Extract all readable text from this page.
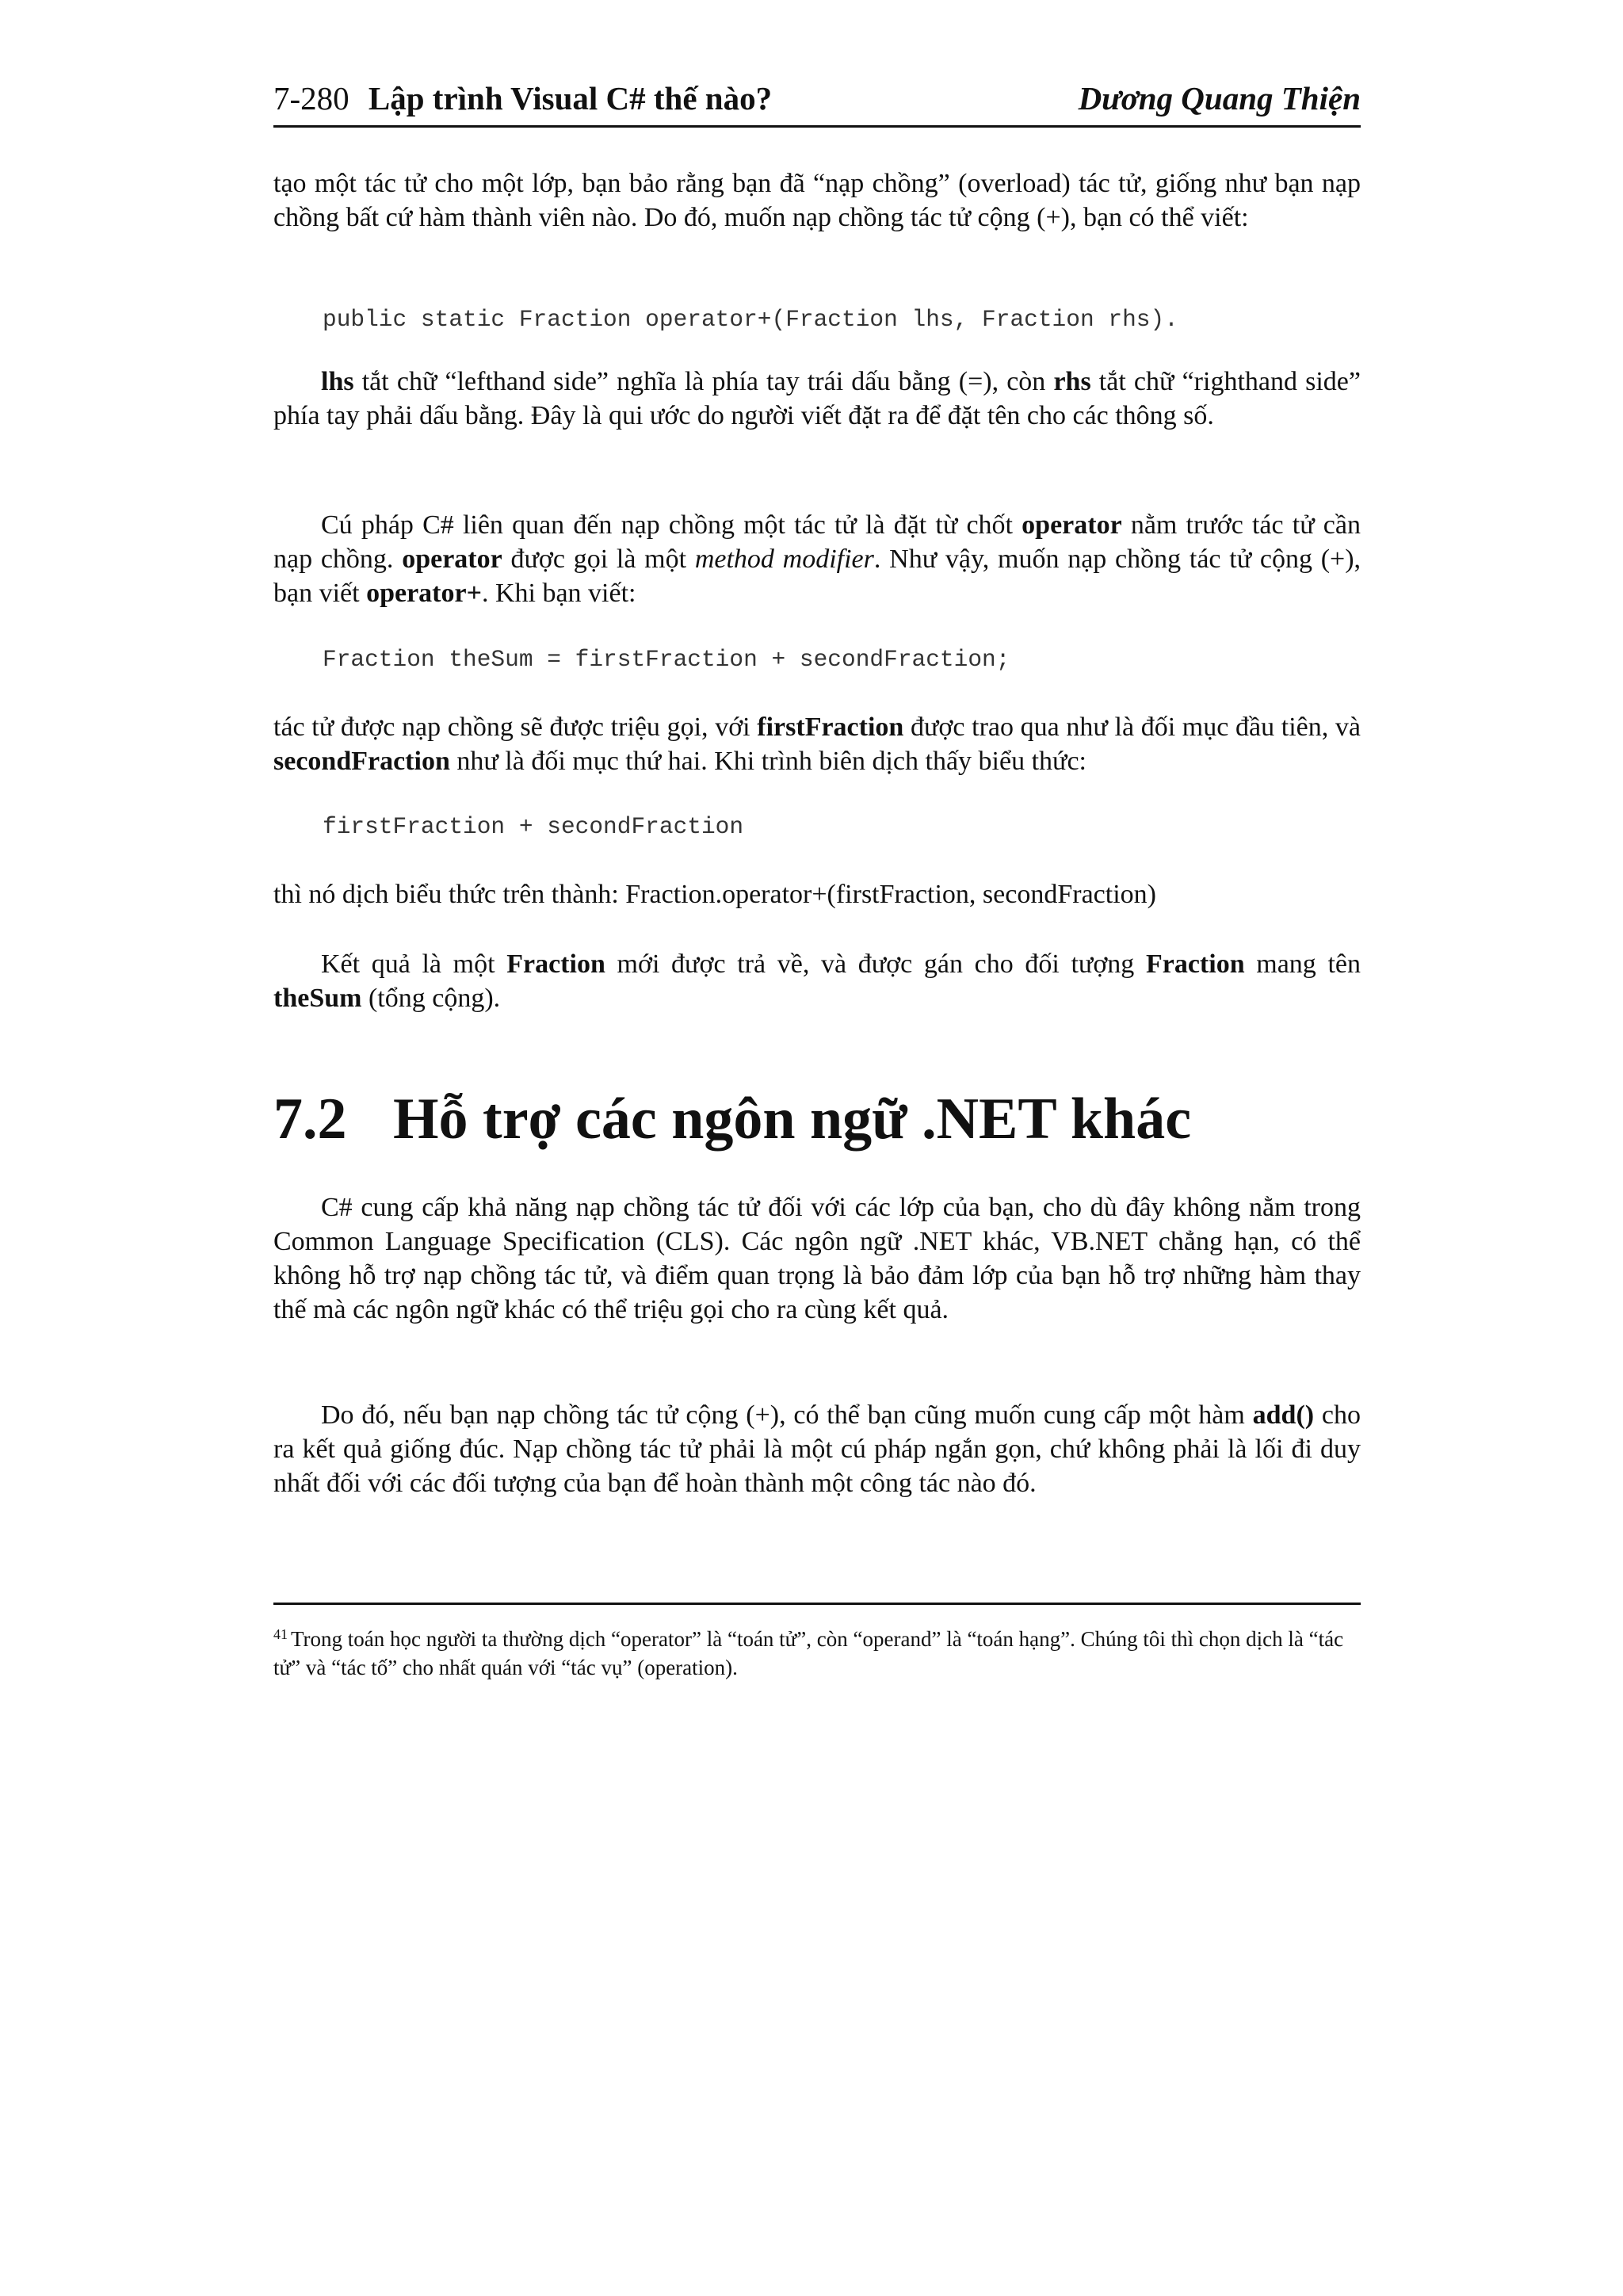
7-280 Lập trình Visual C# thế nào?	Dương Quang Thiện
tạo một tác tử cho một lớp, bạn bảo rằng bạn đã “nạp chồng” (overload) tác tử, giống như bạn nạp chồng bất cứ hàm thành viên nào. Do đó, muốn nạp chồng tác tử cộng (+), bạn có thể viết:
public static Fraction operator+(Fraction lhs, Fraction rhs).
lhs tắt chữ “lefthand side” nghĩa là phía tay trái dấu bằng (=), còn rhs tắt chữ “righthand side” phía tay phải dấu bằng. Đây là qui ước do người viết đặt ra để đặt tên cho các thông số.
Cú pháp C# liên quan đến nạp chồng một tác tử là đặt từ chốt operator nằm trước tác tử cần nạp chồng. operator được gọi là một method modifier. Như vậy, muốn nạp chồng tác tử cộng (+), bạn viết operator+. Khi bạn viết:
Fraction theSum = firstFraction + secondFraction;
tác tử được nạp chồng sẽ được triệu gọi, với firstFraction được trao qua như là đối mục đầu tiên, và secondFraction như là đối mục thứ hai. Khi trình biên dịch thấy biểu thức:
firstFraction + secondFraction
thì nó dịch biểu thức trên thành: Fraction.operator+(firstFraction, secondFraction)
Kết quả là một Fraction mới được trả về, và được gán cho đối tượng Fraction mang tên theSum (tổng cộng).
7.2 Hỗ trợ các ngôn ngữ .NET khác
C# cung cấp khả năng nạp chồng tác tử đối với các lớp của bạn, cho dù đây không nằm trong Common Language Specification (CLS). Các ngôn ngữ .NET khác, VB.NET chẳng hạn, có thể không hỗ trợ nạp chồng tác tử, và điểm quan trọng là bảo đảm lớp của bạn hỗ trợ những hàm thay thế mà các ngôn ngữ khác có thể triệu gọi cho ra cùng kết quả.
Do đó, nếu bạn nạp chồng tác tử cộng (+), có thể bạn cũng muốn cung cấp một hàm add() cho ra kết quả giống đúc. Nạp chồng tác tử phải là một cú pháp ngắn gọn, chứ không phải là lối đi duy nhất đối với các đối tượng của bạn để hoàn thành một công tác nào đó.
$^{41}$ Trong toán học người ta thường dịch “operator” là “toán tử”, còn “operand” là “toán hạng”. Chúng tôi thì chọn dịch là “tác tử” và “tác tố” cho nhất quán với “tác vụ” (operation).
